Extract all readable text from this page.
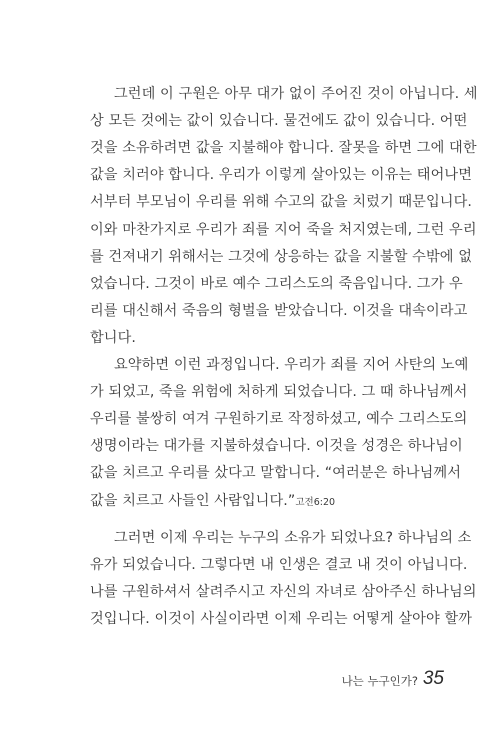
그런데 이 구원은 아무 대가 없이 주어진 것이 아닙니다. 세
상 모든 것에는 값이 있습니다. 물건에도 값이 있습니다. 어떤
것을 소유하려면 값을 지불해야 합니다. 잘못을 하면 그에 대한
값을 치러야 합니다. 우리가 이렇게 살아있는 이유는 태어나면
서부터 부모님이 우리를 위해 수고의 값을 치렀기 때문입니다.
이와 마찬가지로 우리가 죄를 지어 죽을 처지였는데, 그런 우리
를 건져내기 위해서는 그것에 상응하는 값을 지불할 수밖에 없
었습니다. 그것이 바로 예수 그리스도의 죽음입니다. 그가 우
리를 대신해서 죽음의 형벌을 받았습니다. 이것을 대속이라고
합니다.
요약하면 이런 과정입니다. 우리가 죄를 지어 사탄의 노예
가 되었고, 죽을 위험에 처하게 되었습니다. 그 때 하나님께서
우리를 불쌍히 여겨 구원하기로 작정하셨고, 예수 그리스도의
생명이라는 대가를 지불하셨습니다. 이것을 성경은 하나님이
값을 치르고 우리를 샀다고 말합니다. “여러분은 하나님께서
값을 치르고 사들인 사람입니다.”고전6:20
그러면 이제 우리는 누구의 소유가 되었나요? 하나님의 소
유가 되었습니다. 그렇다면 내 인생은 결코 내 것이 아닙니다.
나를 구원하셔서 살려주시고 자신의 자녀로 삼아주신 하나님의
것입니다. 이것이 사실이라면 이제 우리는 어떻게 살아야 할까
나는 누구인가? 35
